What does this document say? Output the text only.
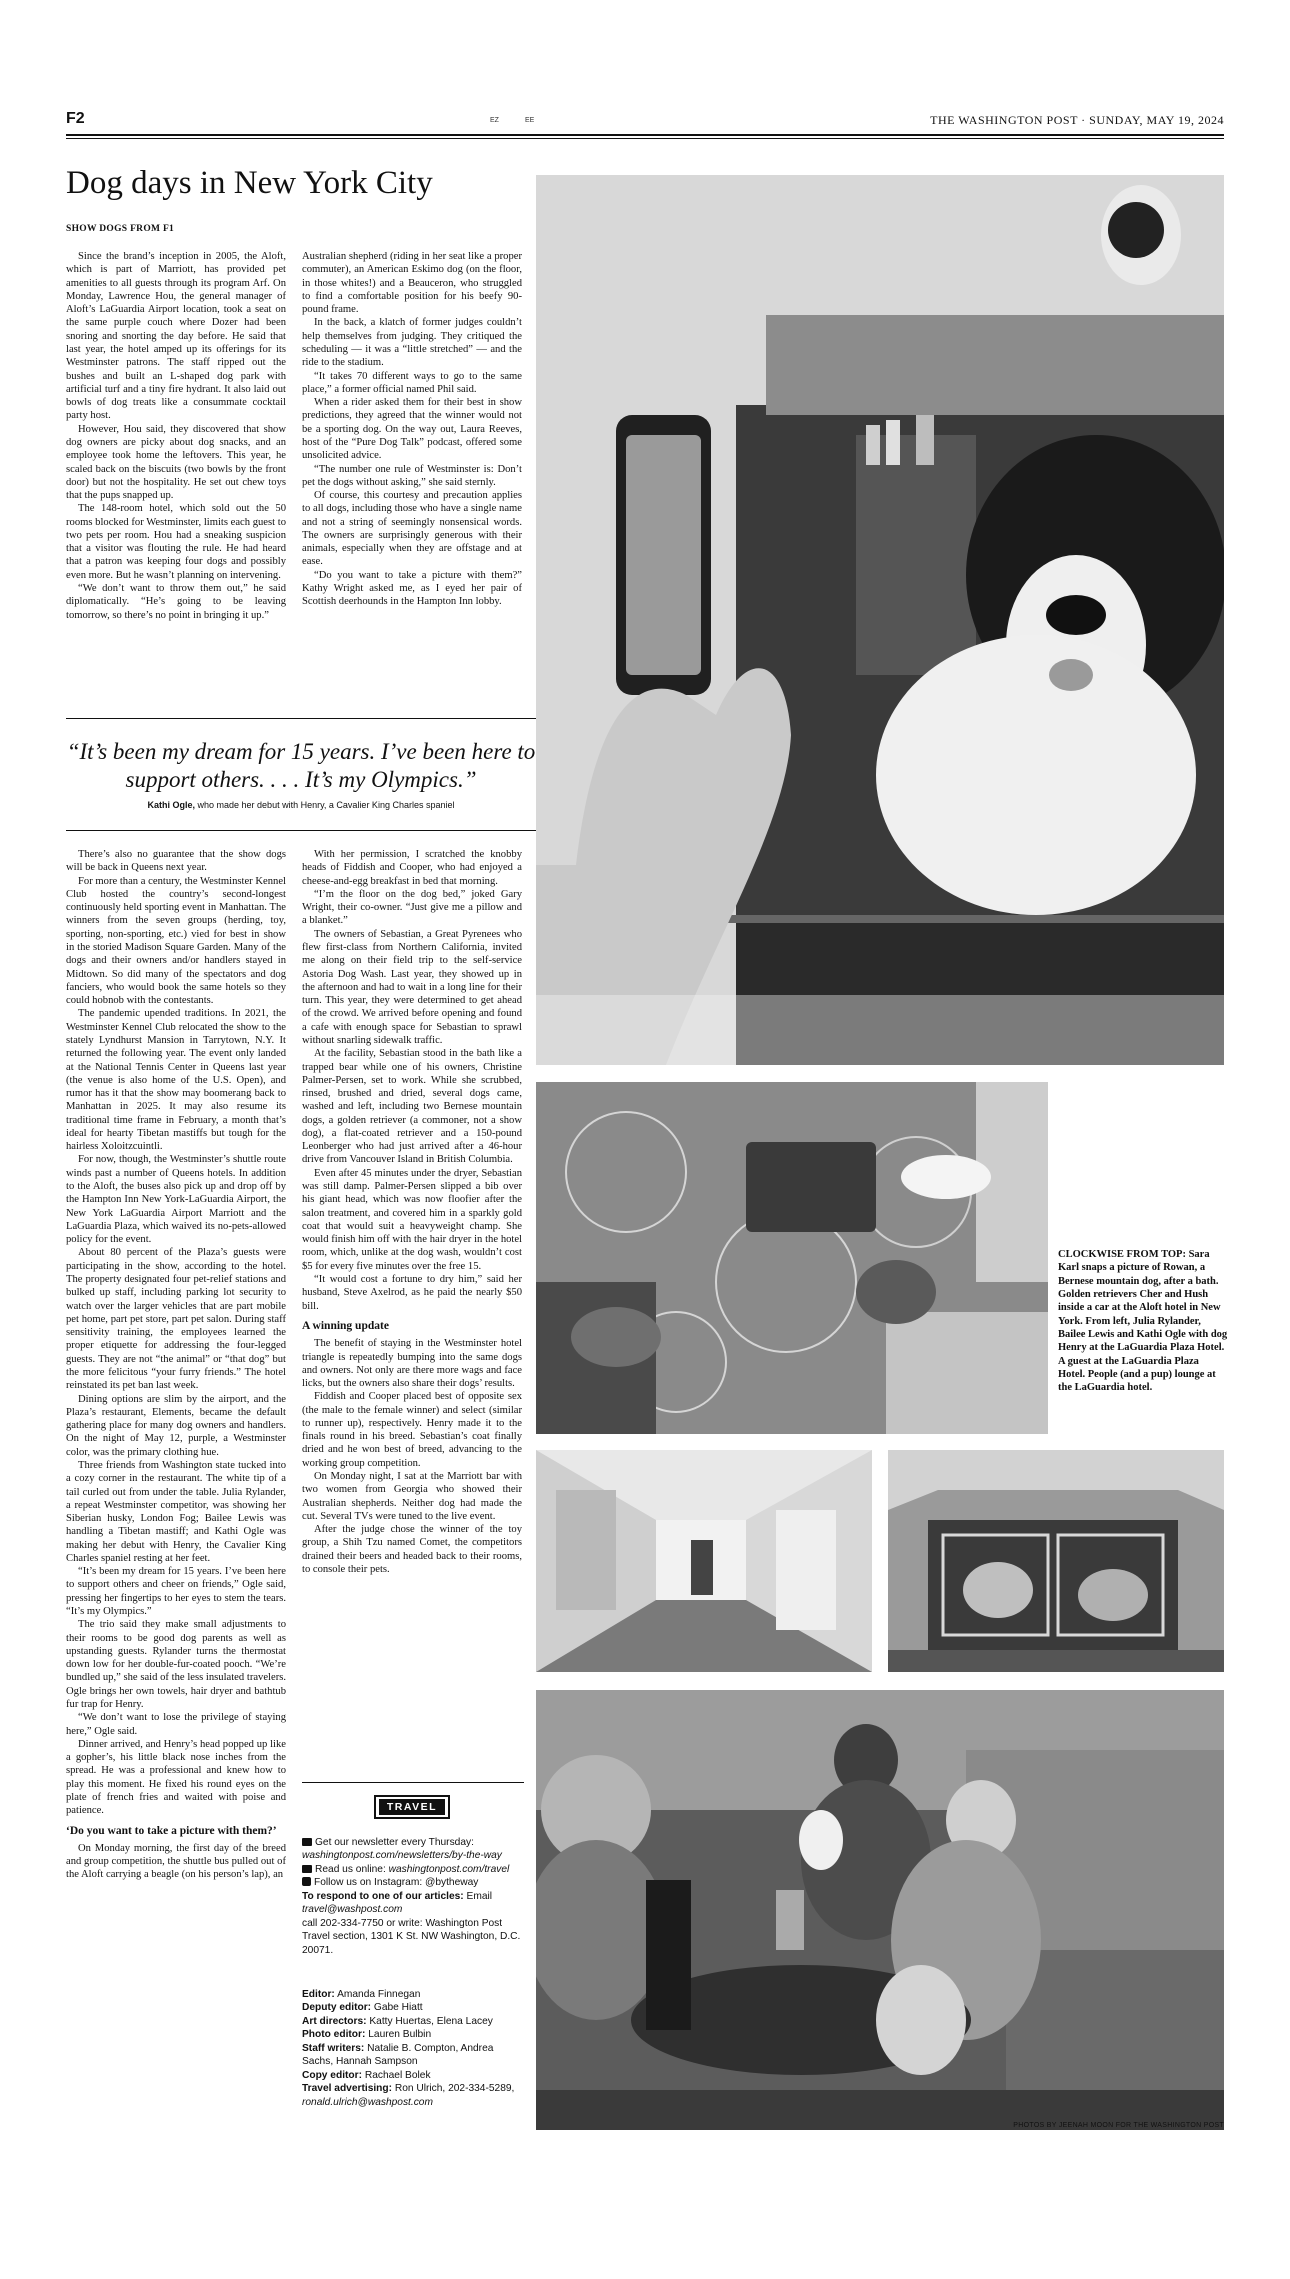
F2	EZ	EE	THE WASHINGTON POST · SUNDAY, MAY 19, 2024
Dog days in New York City
SHOW DOGS FROM F1

Since the brand’s inception in 2005, the Aloft, which is part of Marriott, has provided pet amenities to all guests through its program Arf. On Monday, Lawrence Hou, the general manager of Aloft’s LaGuardia Airport location, took a seat on the same purple couch where Dozer had been snoring and snorting the day before. He said that last year, the hotel amped up its offerings for its Westminster patrons. The staff ripped out the bushes and built an L-shaped dog park with artificial turf and a tiny fire hydrant. It also laid out bowls of dog treats like a consummate cocktail party host.

However, Hou said, they discovered that show dog owners are picky about dog snacks, and an employee took home the leftovers. This year, he scaled back on the biscuits (two bowls by the front door) but not the hospitality. He set out chew toys that the pups snapped up.

The 148-room hotel, which sold out the 50 rooms blocked for Westminster, limits each guest to two pets per room. Hou had a sneaking suspicion that a visitor was flouting the rule. He had heard that a patron was keeping four dogs and possibly even more. But he wasn’t planning on intervening.

“We don’t want to throw them out,” he said diplomatically. “He’s going to be leaving tomorrow, so there’s no point in bringing it up.”

Australian shepherd (riding in her seat like a proper commuter), an American Eskimo dog (on the floor, in those whites!) and a Beauceron, who struggled to find a comfortable position for his beefy 90-pound frame.

In the back, a klatch of former judges couldn’t help themselves from judging. They critiqued the scheduling — it was a “little stretched” — and the ride to the stadium.

“It takes 70 different ways to go to the same place,” a former official named Phil said.

When a rider asked them for their best in show predictions, they agreed that the winner would not be a sporting dog. On the way out, Laura Reeves, host of the “Pure Dog Talk” podcast, offered some unsolicited advice.

“The number one rule of Westminster is: Don’t pet the dogs without asking,” she said sternly.

Of course, this courtesy and precaution applies to all dogs, including those who have a single name and not a string of seemingly nonsensical words. The owners are surprisingly generous with their animals, especially when they are offstage and at ease.

“Do you want to take a picture with them?” Kathy Wright asked me, as I eyed her pair of Scottish deerhounds in the Hampton Inn lobby.

“It’s been my dream for 15 years. I’ve been here to support others. . . . It’s my Olympics.”
Kathi Ogle, who made her debut with Henry, a Cavalier King Charles spaniel

There’s also no guarantee that the show dogs will be back in Queens next year.

For more than a century, the Westminster Kennel Club hosted the country’s second-longest continuously held sporting event in Manhattan. The winners from the seven groups (herding, toy, sporting, non-sporting, etc.) vied for best in show in the storied Madison Square Garden. Many of the dogs and their owners and/or handlers stayed in Midtown. So did many of the spectators and dog fanciers, who would book the same hotels so they could hobnob with the contestants.

The pandemic upended traditions. In 2021, the Westminster Kennel Club relocated the show to the stately Lyndhurst Mansion in Tarrytown, N.Y. It returned the following year. The event only landed at the National Tennis Center in Queens last year (the venue is also home of the U.S. Open), and rumor has it that the show may boomerang back to Manhattan in 2025. It may also resume its traditional time frame in February, a month that’s ideal for hearty Tibetan mastiffs but tough for the hairless Xoloitzcuintli.

For now, though, the Westminster’s shuttle route winds past a number of Queens hotels. In addition to the Aloft, the buses also pick up and drop off by the Hampton Inn New York-LaGuardia Airport, the New York LaGuardia Airport Marriott and the LaGuardia Plaza, which waived its no-pets-allowed policy for the event.

About 80 percent of the Plaza’s guests were participating in the show, according to the hotel. The property designated four pet-relief stations and bulked up staff, including parking lot security to watch over the larger vehicles that are part mobile pet home, part pet store, part pet salon. During staff sensitivity training, the employees learned the proper etiquette for addressing the four-legged guests. They are not “the animal” or “that dog” but the more felicitous “your furry friends.” The hotel reinstated its pet ban last week.

Dining options are slim by the airport, and the Plaza’s restaurant, Elements, became the default gathering place for many dog owners and handlers. On the night of May 12, purple, a Westminster color, was the primary clothing hue.

Three friends from Washington state tucked into a cozy corner in the restaurant. The white tip of a tail curled out from under the table. Julia Rylander, a repeat Westminster competitor, was showing her Siberian husky, London Fog; Bailee Lewis was handling a Tibetan mastiff; and Kathi Ogle was making her debut with Henry, the Cavalier King Charles spaniel resting at her feet.

“It’s been my dream for 15 years. I’ve been here to support others and cheer on friends,” Ogle said, pressing her fingertips to her eyes to stem the tears. “It’s my Olympics.”

The trio said they make small adjustments to their rooms to be good dog parents as well as upstanding guests. Rylander turns the thermostat down low for her double-fur-coated pooch. “We’re bundled up,” she said of the less insulated travelers. Ogle brings her own towels, hair dryer and bathtub fur trap for Henry.

“We don’t want to lose the privilege of staying here,” Ogle said.

Dinner arrived, and Henry’s head popped up like a gopher’s, his little black nose inches from the spread. He was a professional and knew how to play this moment. He fixed his round eyes on the plate of french fries and waited with poise and patience.

‘Do you want to take a picture with them?’

On Monday morning, the first day of the breed and group competition, the shuttle bus pulled out of the Aloft carrying a beagle (on his person’s lap), an

With her permission, I scratched the knobby heads of Fiddish and Cooper, who had enjoyed a cheese-and-egg breakfast in bed that morning.

“I’m the floor on the dog bed,” joked Gary Wright, their co-owner. “Just give me a pillow and a blanket.”

The owners of Sebastian, a Great Pyrenees who flew first-class from Northern California, invited me along on their field trip to the self-service Astoria Dog Wash. Last year, they showed up in the afternoon and had to wait in a long line for their turn. This year, they were determined to get ahead of the crowd. We arrived before opening and found a cafe with enough space for Sebastian to sprawl without snarling sidewalk traffic.

At the facility, Sebastian stood in the bath like a trapped bear while one of his owners, Christine Palmer-Persen, set to work. While she scrubbed, rinsed, brushed and dried, several dogs came, washed and left, including two Bernese mountain dogs, a golden retriever (a commoner, not a show dog), a flat-coated retriever and a 150-pound Leonberger who had just arrived after a 46-hour drive from Vancouver Island in British Columbia.

Even after 45 minutes under the dryer, Sebastian was still damp. Palmer-Persen slipped a bib over his giant head, which was now floofier after the salon treatment, and covered him in a sparkly gold coat that would suit a heavyweight champ. She would finish him off with the hair dryer in the hotel room, which, unlike at the dog wash, wouldn’t cost $5 for every five minutes over the free 15.

“It would cost a fortune to dry him,” said her husband, Steve Axelrod, as he paid the nearly $50 bill.

A winning update

The benefit of staying in the Westminster hotel triangle is repeatedly bumping into the same dogs and owners. Not only are there more wags and face licks, but the owners also share their dogs’ results.

Fiddish and Cooper placed best of opposite sex (the male to the female winner) and select (similar to runner up), respectively. Henry made it to the finals round in his breed. Sebastian’s coat finally dried and he won best of breed, advancing to the working group competition.

On Monday night, I sat at the Marriott bar with two women from Georgia who showed their Australian shepherds. Neither dog had made the cut. Several TVs were tuned to the live event.

After the judge chose the winner of the toy group, a Shih Tzu named Comet, the competitors drained their beers and headed back to their rooms, to console their pets.

TRAVEL
Get our newsletter every Thursday:
washingtonpost.com/newsletters/by-the-way
Read us online: washingtonpost.com/travel
Follow us on Instagram: @bytheway
To respond to one of our articles: Email
travel@washpost.com
call 202-334-7750 or write: Washington Post Travel section, 1301 K St. NW Washington, D.C. 20071.
Editor: Amanda Finnegan
Deputy editor: Gabe Hiatt
Art directors: Katty Huertas, Elena Lacey
Photo editor: Lauren Bulbin
Staff writers: Natalie B. Compton, Andrea Sachs, Hannah Sampson
Copy editor: Rachael Bolek
Travel advertising: Ron Ulrich, 202-334-5289, ronald.ulrich@washpost.com
CLOCKWISE FROM TOP: Sara Karl snaps a picture of Rowan, a Bernese mountain dog, after a bath. Golden retrievers Cher and Hush inside a car at the Aloft hotel in New York. From left, Julia Rylander, Bailee Lewis and Kathi Ogle with dog Henry at the LaGuardia Plaza Hotel. A guest at the LaGuardia Plaza Hotel. People (and a pup) lounge at the LaGuardia hotel.
PHOTOS BY JEENAH MOON FOR THE WASHINGTON POST
